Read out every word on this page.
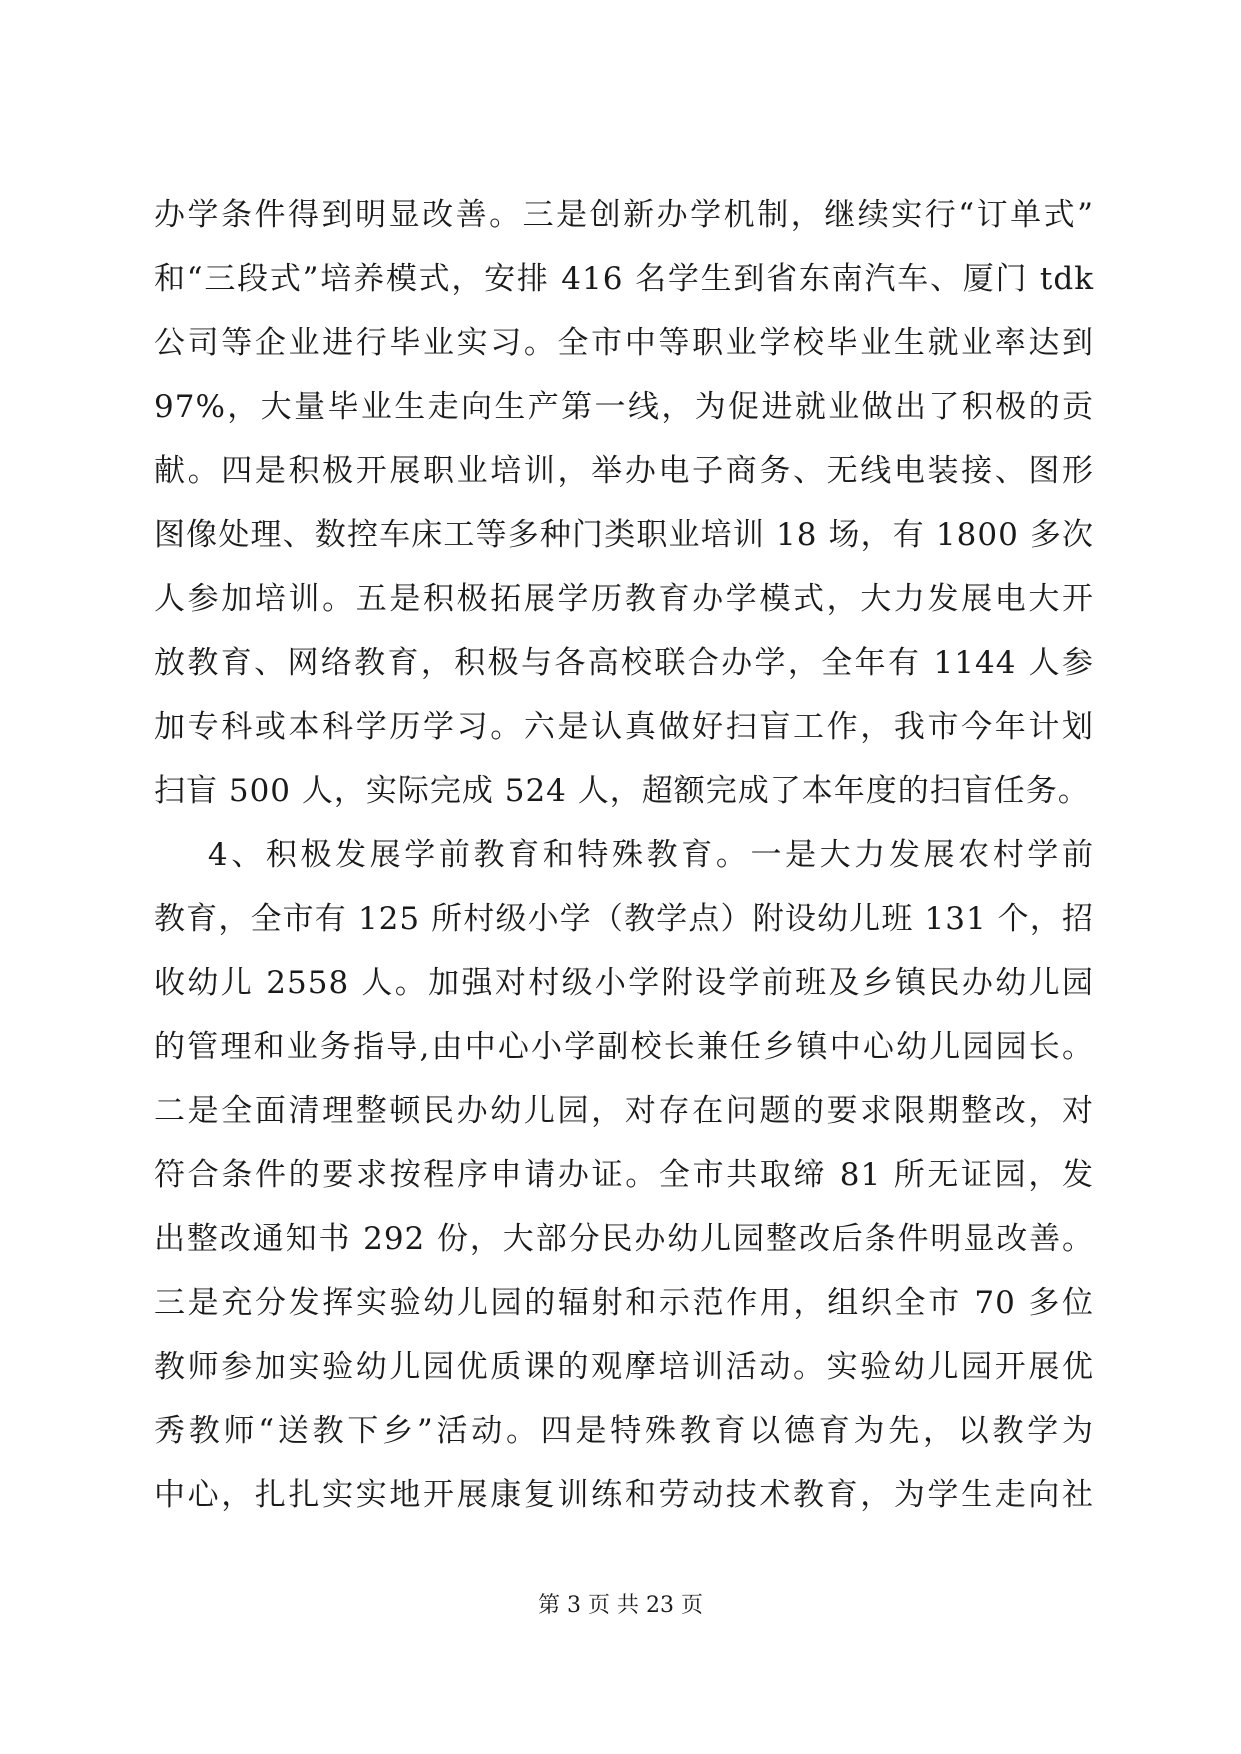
办学条件得到明显改善。三是创新办学机制，继续实行“订单式”
和“三段式”培养模式，安排 416 名学生到省东南汽车、厦门 tdk
公司等企业进行毕业实习。全市中等职业学校毕业生就业率达到
97%，大量毕业生走向生产第一线，为促进就业做出了积极的贡
献。四是积极开展职业培训，举办电子商务、无线电装接、图形
图像处理、数控车床工等多种门类职业培训 18 场，有 1800 多次
人参加培训。五是积极拓展学历教育办学模式，大力发展电大开
放教育、网络教育，积极与各高校联合办学，全年有 1144 人参
加专科或本科学历学习。六是认真做好扫盲工作，我市今年计划
扫盲 500 人，实际完成 524 人，超额完成了本年度的扫盲任务。
4、积极发展学前教育和特殊教育。一是大力发展农村学前
教育，全市有 125 所村级小学（教学点）附设幼儿班 131 个，招
收幼儿 2558 人。加强对村级小学附设学前班及乡镇民办幼儿园
的管理和业务指导,由中心小学副校长兼任乡镇中心幼儿园园长。
二是全面清理整顿民办幼儿园，对存在问题的要求限期整改，对
符合条件的要求按程序申请办证。全市共取缔 81 所无证园，发
出整改通知书 292 份，大部分民办幼儿园整改后条件明显改善。
三是充分发挥实验幼儿园的辐射和示范作用，组织全市 70 多位
教师参加实验幼儿园优质课的观摩培训活动。实验幼儿园开展优
秀教师“送教下乡”活动。四是特殊教育以德育为先，以教学为
中心，扎扎实实地开展康复训练和劳动技术教育，为学生走向社
第 3 页 共 23 页
